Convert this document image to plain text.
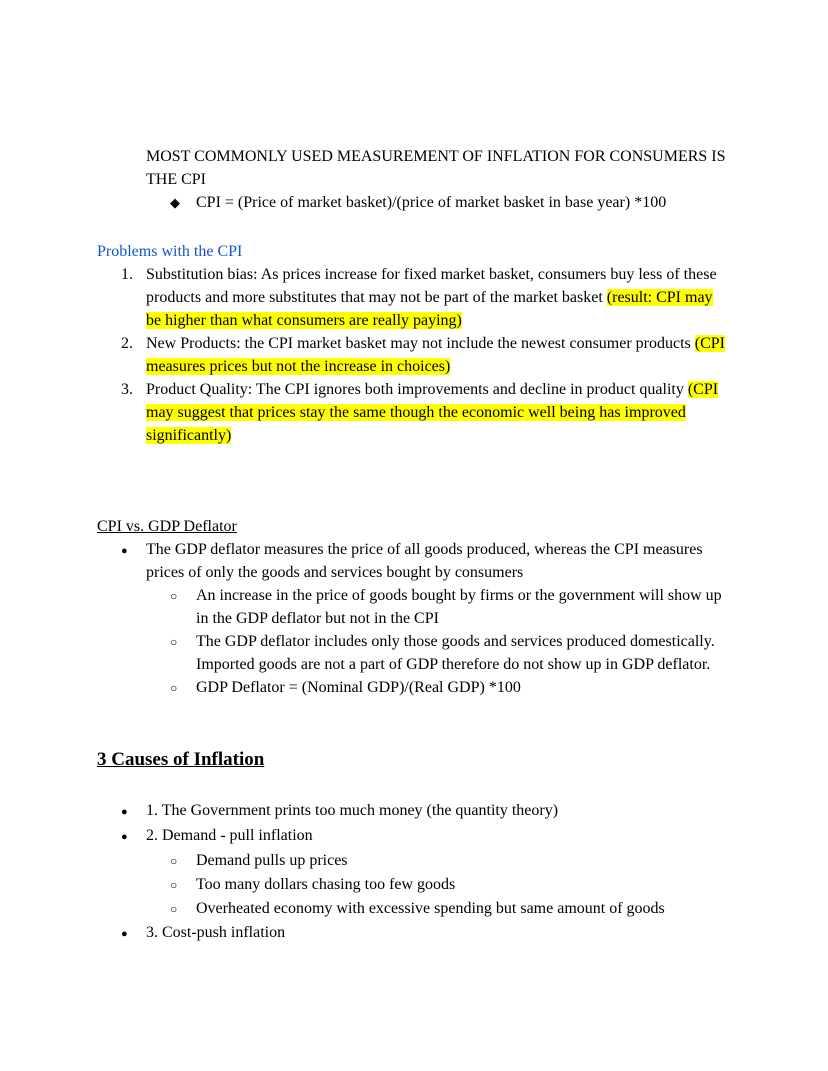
MOST COMMONLY USED MEASUREMENT OF INFLATION FOR CONSUMERS IS THE CPI
◆	CPI = (Price of market basket)/(price of market basket in base year) *100
Problems with the CPI
1. Substitution bias: As prices increase for fixed market basket, consumers buy less of these products and more substitutes that may not be part of the market basket (result: CPI may be higher than what consumers are really paying)
2. New Products: the CPI market basket may not include the newest consumer products (CPI measures prices but not the increase in choices)
3. Product Quality: The CPI ignores both improvements and decline in product quality (CPI may suggest that prices stay the same though the economic well being has improved significantly)
CPI vs. GDP Deflator
●	The GDP deflator measures the price of all goods produced, whereas the CPI measures prices of only the goods and services bought by consumers
○	An increase in the price of goods bought by firms or the government will show up in the GDP deflator but not in the CPI
○	The GDP deflator includes only those goods and services produced domestically. Imported goods are not a part of GDP therefore do not show up in GDP deflator.
○	GDP Deflator = (Nominal GDP)/(Real GDP) *100
3 Causes of Inflation
●	1. The Government prints too much money (the quantity theory)
●	2. Demand - pull inflation
○	Demand pulls up prices
○	Too many dollars chasing too few goods
○	Overheated economy with excessive spending but same amount of goods
●	3. Cost-push inflation
